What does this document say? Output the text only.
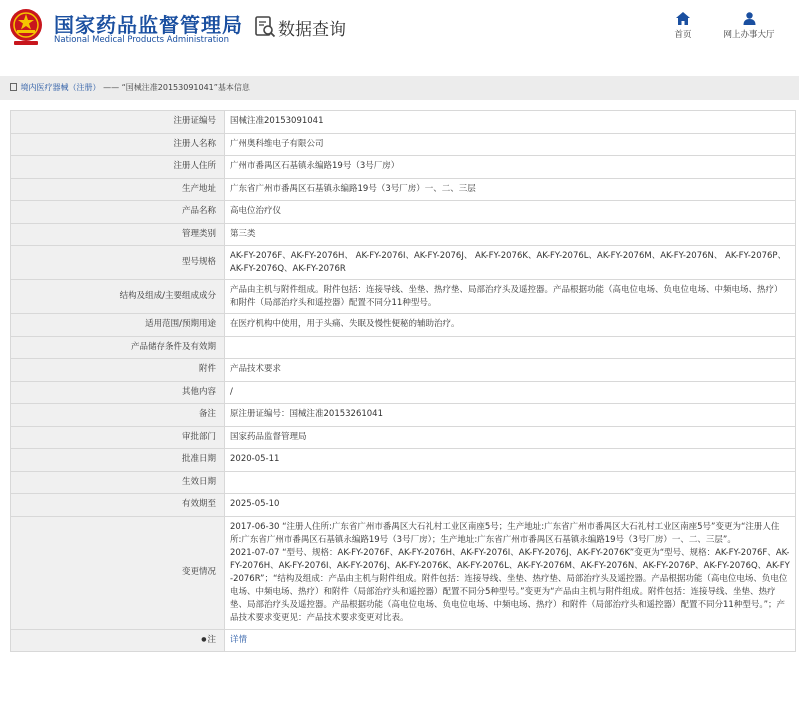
国家药品监督管理局
National Medical Products Administration	数据查询	首页	网上办事大厅
境内医疗器械（注册） —— “国械注准20153091041”基本信息
注册证编号	国械注准20153091041
注册人名称	广州奥科维电子有限公司
注册人住所	广州市番禺区石基镇永编路19号（3号厂房）
生产地址	广东省广州市番禺区石基镇永编路19号（3号厂房）一、二、三层
产品名称	高电位治疗仪
管理类别	第三类
型号规格	AK-FY-2076F、AK-FY-2076H、 AK-FY-2076I、AK-FY-2076J、 AK-FY-2076K、AK-FY-2076L、AK-FY-2076M、AK-FY-2076N、 AK-FY-2076P、AK-FY-2076Q、AK-FY-2076R
结构及组成/主要组成成分	产品由主机与附件组成。附件包括：连接导线、坐垫、热疗垫、局部治疗头及遥控器。产品根据功能（高电位电场、负电位电场、中频电场、热疗）和附件（局部治疗头和遥控器）配置不同分11种型号。
适用范围/预期用途	在医疗机构中使用，用于头痛、失眠及慢性便秘的辅助治疗。
产品储存条件及有效期	
附件	产品技术要求
其他内容	/
备注	原注册证编号：国械注准20153261041
审批部门	国家药品监督管理局
批准日期	2020-05-11
生效日期	
有效期至	2025-05-10
变更情况	2017-06-30 “注册人住所:广东省广州市番禺区大石礼村工业区南座5号；生产地址:广东省广州市番禺区大石礼村工业区南座5号”变更为“注册人住所:广东省广州市番禺区石基镇永编路19号（3号厂房）；生产地址:广东省广州市番禺区石基镇永编路19号（3号厂房）一、二、三层”。
2021-07-07 “型号、规格：AK-FY-2076F、AK-FY-2076H、AK-FY-2076I、AK-FY-2076J、AK-FY-2076K”变更为“型号、规格：AK-FY-2076F、AK-FY-2076H、AK-FY-2076I、AK-FY-2076J、AK-FY-2076K、AK-FY-2076L、AK-FY-2076M、AK-FY-2076N、AK-FY-2076P、AK-FY-2076Q、AK-FY-2076R”；“结构及组成：产品由主机与附件组成。附件包括：连接导线、坐垫、热疗垫、局部治疗头及遥控器。产品根据功能（高电位电场、负电位电场、中频电场、热疗）和附件（局部治疗头和遥控器）配置不同分5种型号。”变更为“产品由主机与附件组成。附件包括：连接导线、坐垫、热疗垫、局部治疗头及遥控器。产品根据功能（高电位电场、负电位电场、中频电场、热疗）和附件（局部治疗头和遥控器）配置不同分11种型号。”；产品技术要求变更见：产品技术要求变更对比表。

●注	详情
